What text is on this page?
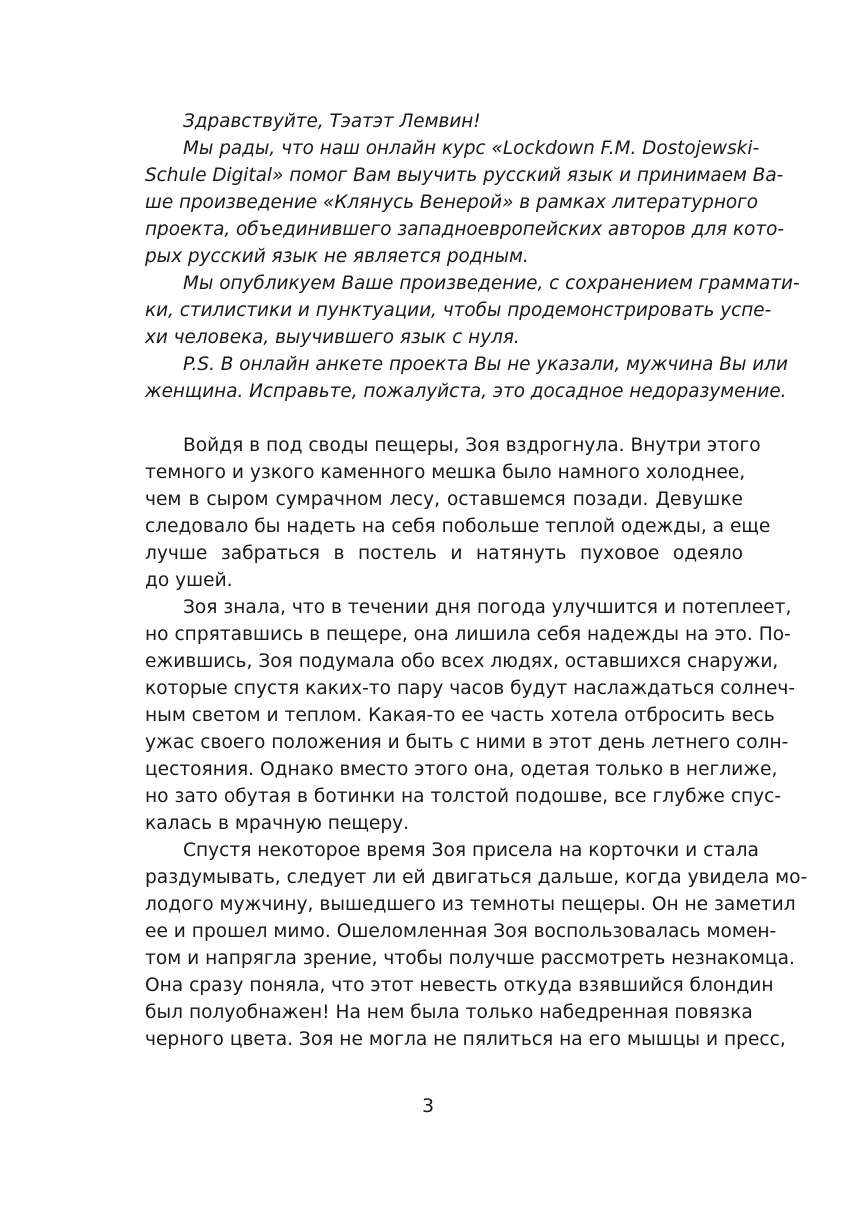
Здравствуйте, Тэатэт Лемвин!
Мы рады, что наш онлайн курс «Lockdown F.M. Dostojewski-
Schule Digital» помог Вам выучить русский язык и принимаем Ва-
ше произведение «Клянусь Венерой» в рамках литературного
проекта, объединившего западноевропейских авторов для кото-
рых русский язык не является родным.
Мы опубликуем Ваше произведение, с сохранением граммати-
ки, стилистики и пунктуации, чтобы продемонстрировать успе-
хи человека, выучившего язык с нуля.
P.S. В онлайн анкете проекта Вы не указали, мужчина Вы или
женщина. Исправьте, пожалуйста, это досадное недоразумение.
Войдя в под своды пещеры, Зоя вздрогнула. Внутри этого
темного и узкого каменного мешка было намного холоднее,
чем в сыром сумрачном лесу, оставшемся позади. Девушке
следовало бы надеть на себя побольше теплой одежды, а еще
лучше забраться в постель и натянуть пуховое одеяло
до ушей.
Зоя знала, что в течении дня погода улучшится и потеплеет,
но спрятавшись в пещере, она лишила себя надежды на это. По-
ежившись, Зоя подумала обо всех людях, оставшихся снаружи,
которые спустя каких-то пару часов будут наслаждаться солнеч-
ным светом и теплом. Какая-то ее часть хотела отбросить весь
ужас своего положения и быть с ними в этот день летнего солн-
цестояния. Однако вместо этого она, одетая только в неглиже,
но зато обутая в ботинки на толстой подошве, все глубже спус-
калась в мрачную пещеру.
Спустя некоторое время Зоя присела на корточки и стала
раздумывать, следует ли ей двигаться дальше, когда увидела мо-
лодого мужчину, вышедшего из темноты пещеры. Он не заметил
ее и прошел мимо. Ошеломленная Зоя воспользовалась момен-
том и напрягла зрение, чтобы получше рассмотреть незнакомца.
Она сразу поняла, что этот невесть откуда взявшийся блондин
был полуобнажен! На нем была только набедренная повязка
черного цвета. Зоя не могла не пялиться на его мышцы и пресс,
3
